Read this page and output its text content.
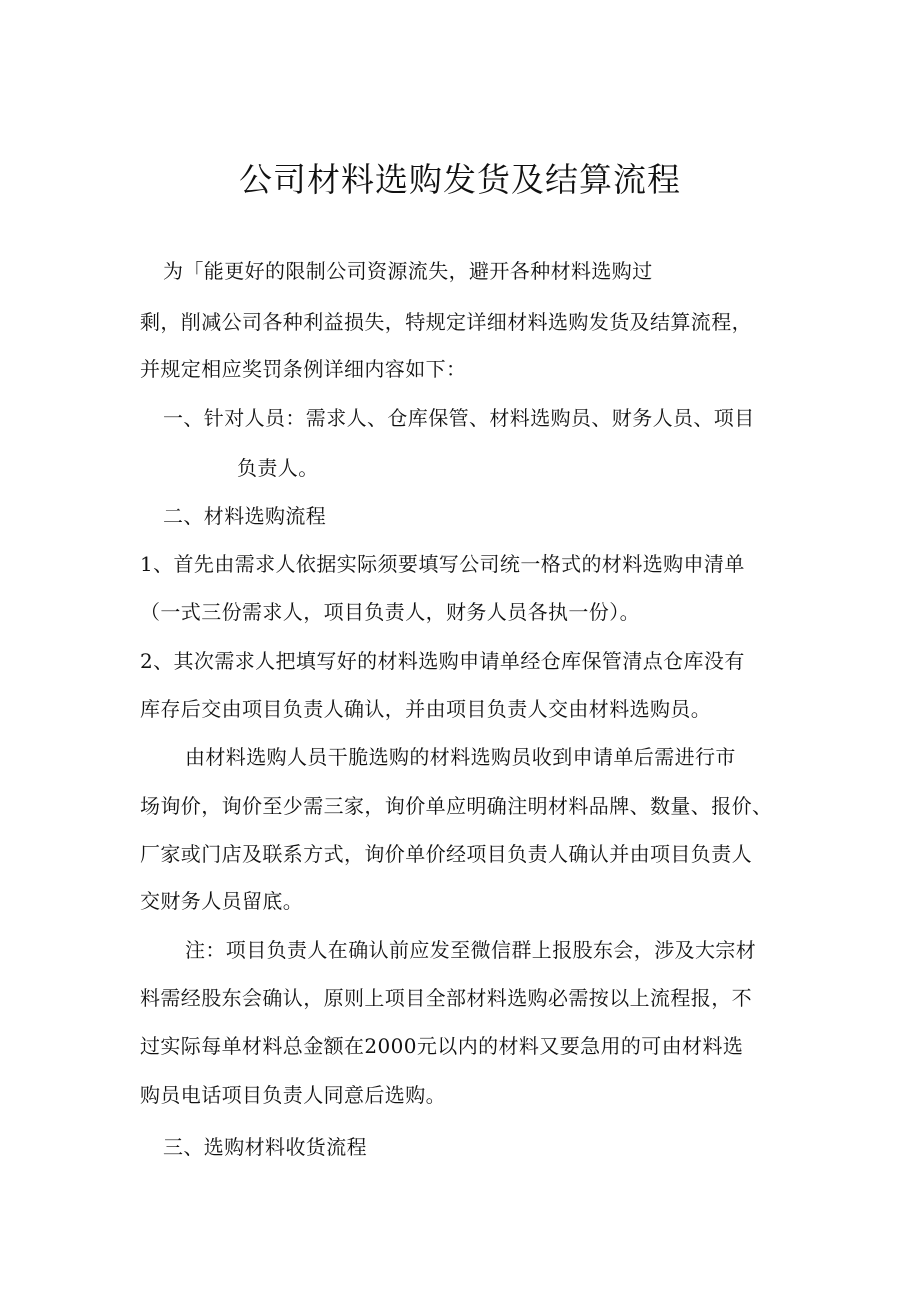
公司材料选购发货及结算流程
为「能更好的限制公司资源流失，避开各种材料选购过
剩，削减公司各种利益损失，特规定详细材料选购发货及结算流程，
并规定相应奖罚条例详细内容如下：
一、针对人员：需求人、仓库保管、材料选购员、财务人员、项目
负责人。
二、材料选购流程
1、首先由需求人依据实际须要填写公司统一格式的材料选购申清单
（一式三份需求人，项目负责人，财务人员各执一份）。
2、其次需求人把填写好的材料选购申请单经仓库保管清点仓库没有
库存后交由项目负责人确认，并由项目负责人交由材料选购员。
由材料选购人员干脆选购的材料选购员收到申请单后需进行市
场询价，询价至少需三家，询价单应明确注明材料品牌、数量、报价、
厂家或门店及联系方式，询价单价经项目负责人确认并由项目负责人
交财务人员留底。
注：项目负责人在确认前应发至微信群上报股东会，涉及大宗材
料需经股东会确认，原则上项目全部材料选购必需按以上流程报，不
过实际每单材料总金额在2000元以内的材料又要急用的可由材料选
购员电话项目负责人同意后选购。
三、选购材料收货流程
